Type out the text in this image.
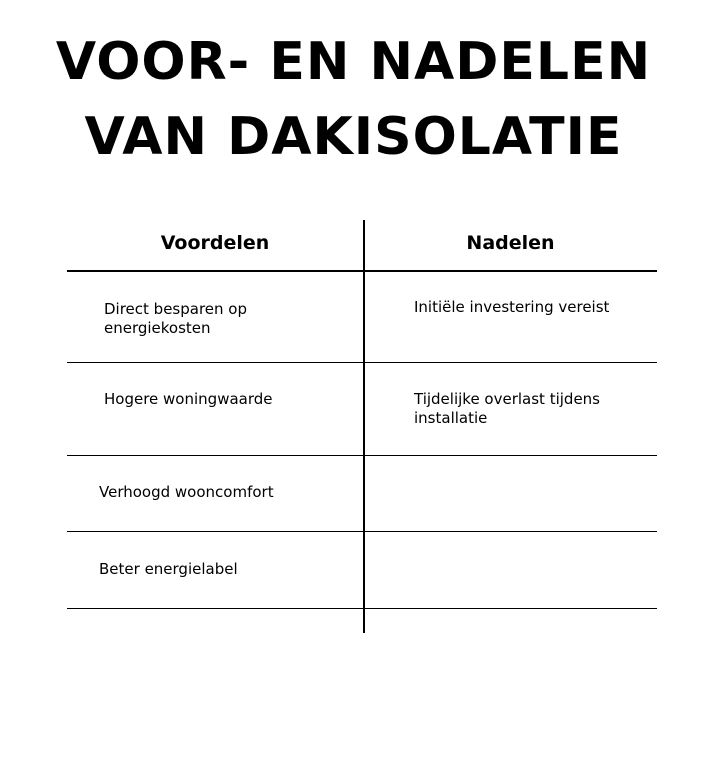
VOOR- EN NADELEN
VAN DAKISOLATIE
Voordelen	Nadelen
Direct besparen op energiekosten
Hogere woningwaarde
Verhoogd wooncomfort
Beter energielabel
Initiële investering vereist
Tijdelijke overlast tijdens installatie
